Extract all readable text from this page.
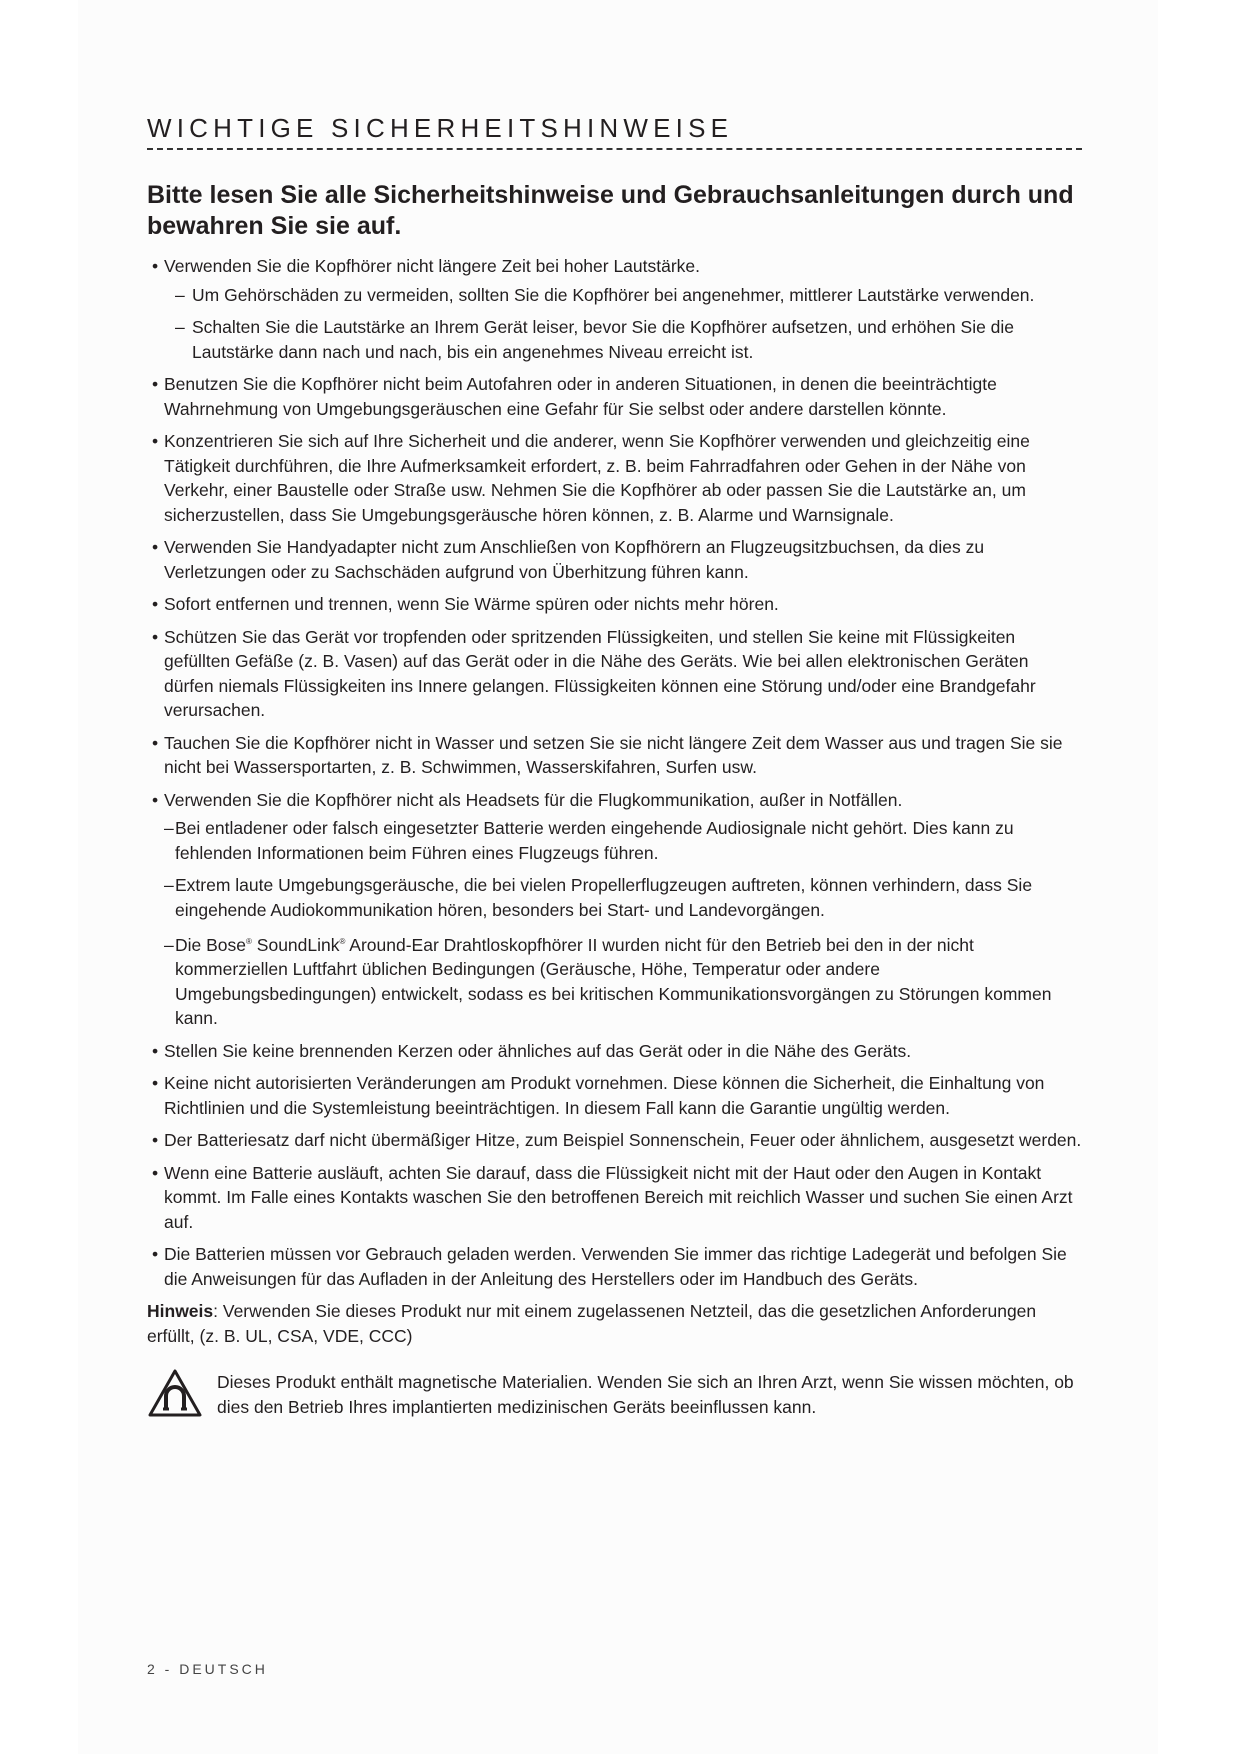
WICHTIGE SICHERHEITSHINWEISE

Bitte lesen Sie alle Sicherheitshinweise und Gebrauchsanleitungen durch und bewahren Sie sie auf.

• Verwenden Sie die Kopfhörer nicht längere Zeit bei hoher Lautstärke.
– Um Gehörschäden zu vermeiden, sollten Sie die Kopfhörer bei angenehmer, mittlerer Lautstärke verwenden.
– Schalten Sie die Lautstärke an Ihrem Gerät leiser, bevor Sie die Kopfhörer aufsetzen, und erhöhen Sie die Lautstärke dann nach und nach, bis ein angenehmes Niveau erreicht ist.
• Benutzen Sie die Kopfhörer nicht beim Autofahren oder in anderen Situationen, in denen die beeinträchtigte Wahrnehmung von Umgebungsgeräuschen eine Gefahr für Sie selbst oder andere darstellen könnte.
• Konzentrieren Sie sich auf Ihre Sicherheit und die anderer, wenn Sie Kopfhörer verwenden und gleichzeitig eine Tätigkeit durchführen, die Ihre Aufmerksamkeit erfordert, z. B. beim Fahrradfahren oder Gehen in der Nähe von Verkehr, einer Baustelle oder Straße usw. Nehmen Sie die Kopfhörer ab oder passen Sie die Lautstärke an, um sicherzustellen, dass Sie Umgebungsgeräusche hören können, z. B. Alarme und Warnsignale.
• Verwenden Sie Handyadapter nicht zum Anschließen von Kopfhörern an Flugzeugsitzbuchsen, da dies zu Verletzungen oder zu Sachschäden aufgrund von Überhitzung führen kann.
• Sofort entfernen und trennen, wenn Sie Wärme spüren oder nichts mehr hören.
• Schützen Sie das Gerät vor tropfenden oder spritzenden Flüssigkeiten, und stellen Sie keine mit Flüssigkeiten gefüllten Gefäße (z. B. Vasen) auf das Gerät oder in die Nähe des Geräts. Wie bei allen elektronischen Geräten dürfen niemals Flüssigkeiten ins Innere gelangen. Flüssigkeiten können eine Störung und/oder eine Brandgefahr verursachen.
• Tauchen Sie die Kopfhörer nicht in Wasser und setzen Sie sie nicht längere Zeit dem Wasser aus und tragen Sie sie nicht bei Wassersportarten, z. B. Schwimmen, Wasserskifahren, Surfen usw.
• Verwenden Sie die Kopfhörer nicht als Headsets für die Flugkommunikation, außer in Notfällen.
–Bei entladener oder falsch eingesetzter Batterie werden eingehende Audiosignale nicht gehört. Dies kann zu fehlenden Informationen beim Führen eines Flugzeugs führen.
–Extrem laute Umgebungsgeräusche, die bei vielen Propellerflugzeugen auftreten, können verhindern, dass Sie eingehende Audiokommunikation hören, besonders bei Start- und Landevorgängen.
–Die Bose® SoundLink® Around-Ear Drahtloskopfhörer II wurden nicht für den Betrieb bei den in der nicht kommerziellen Luftfahrt üblichen Bedingungen (Geräusche, Höhe, Temperatur oder andere Umgebungsbedingungen) entwickelt, sodass es bei kritischen Kommunikationsvorgängen zu Störungen kommen kann.
• Stellen Sie keine brennenden Kerzen oder ähnliches auf das Gerät oder in die Nähe des Geräts.
• Keine nicht autorisierten Veränderungen am Produkt vornehmen. Diese können die Sicherheit, die Einhaltung von Richtlinien und die Systemleistung beeinträchtigen. In diesem Fall kann die Garantie ungültig werden.
• Der Batteriesatz darf nicht übermäßiger Hitze, zum Beispiel Sonnenschein, Feuer oder ähnlichem, ausgesetzt werden.
• Wenn eine Batterie ausläuft, achten Sie darauf, dass die Flüssigkeit nicht mit der Haut oder den Augen in Kontakt kommt. Im Falle eines Kontakts waschen Sie den betroffenen Bereich mit reichlich Wasser und suchen Sie einen Arzt auf.
• Die Batterien müssen vor Gebrauch geladen werden. Verwenden Sie immer das richtige Ladegerät und befolgen Sie die Anweisungen für das Aufladen in der Anleitung des Herstellers oder im Handbuch des Geräts.

Hinweis: Verwenden Sie dieses Produkt nur mit einem zugelassenen Netzteil, das die gesetzlichen Anforderungen erfüllt, (z. B. UL, CSA, VDE, CCC)

Dieses Produkt enthält magnetische Materialien. Wenden Sie sich an Ihren Arzt, wenn Sie wissen möchten, ob dies den Betrieb Ihres implantierten medizinischen Geräts beeinflussen kann.
2 - DEUTSCH
